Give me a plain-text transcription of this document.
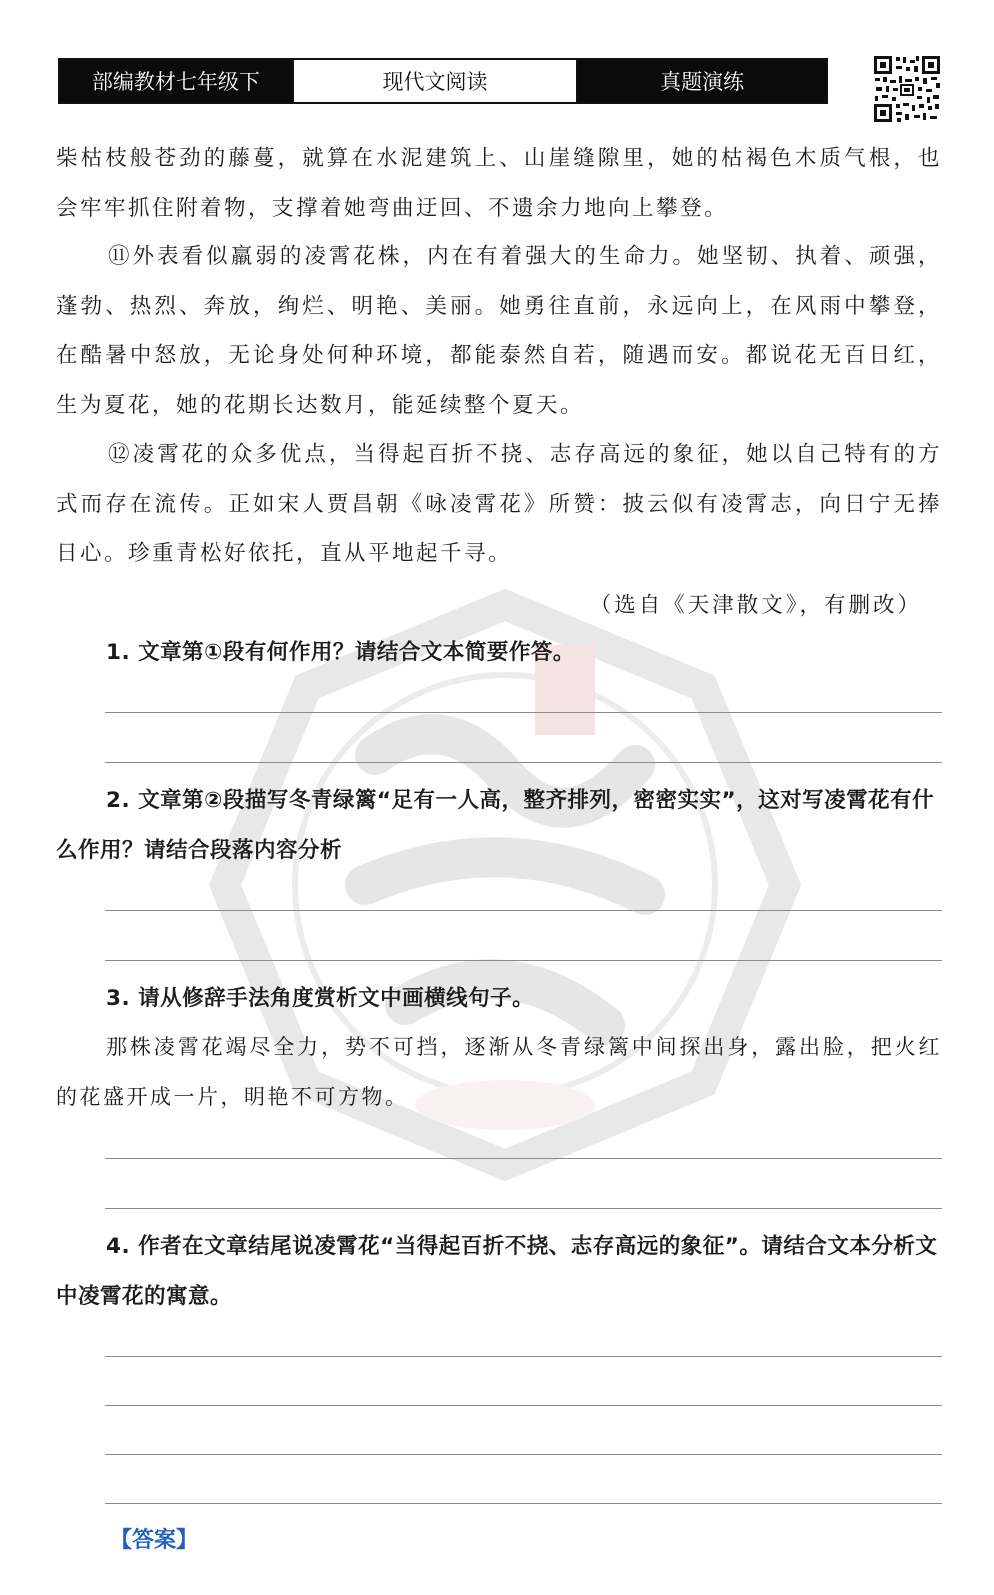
部编教材七年级下	现代文阅读	真题演练

柴枯枝般苍劲的藤蔓，就算在水泥建筑上、山崖缝隙里，她的枯褐色木质气根，也会牢牢抓住附着物，支撑着她弯曲迂回、不遗余力地向上攀登。

⑪外表看似羸弱的凌霄花株，内在有着强大的生命力。她坚韧、执着、顽强，蓬勃、热烈、奔放，绚烂、明艳、美丽。她勇往直前，永远向上，在风雨中攀登，在酷暑中怒放，无论身处何种环境，都能泰然自若，随遇而安。都说花无百日红，生为夏花，她的花期长达数月，能延续整个夏天。

⑫凌霄花的众多优点，当得起百折不挠、志存高远的象征，她以自己特有的方式而存在流传。正如宋人贾昌朝《咏凌霄花》所赞：披云似有凌霄志，向日宁无捧日心。珍重青松好依托，直从平地起千寻。

（选自《天津散文》，有删改）

1. 文章第①段有何作用？请结合文本简要作答。

2. 文章第②段描写冬青绿篱“足有一人高，整齐排列，密密实实”，这对写凌霄花有什么作用？请结合段落内容分析

3. 请从修辞手法角度赏析文中画横线句子。

那株凌霄花竭尽全力，势不可挡，逐渐从冬青绿篱中间探出身，露出脸，把火红的花盛开成一片，明艳不可方物。

4. 作者在文章结尾说凌霄花“当得起百折不挠、志存高远的象征”。请结合文本分析文中凌霄花的寓意。

【答案】
